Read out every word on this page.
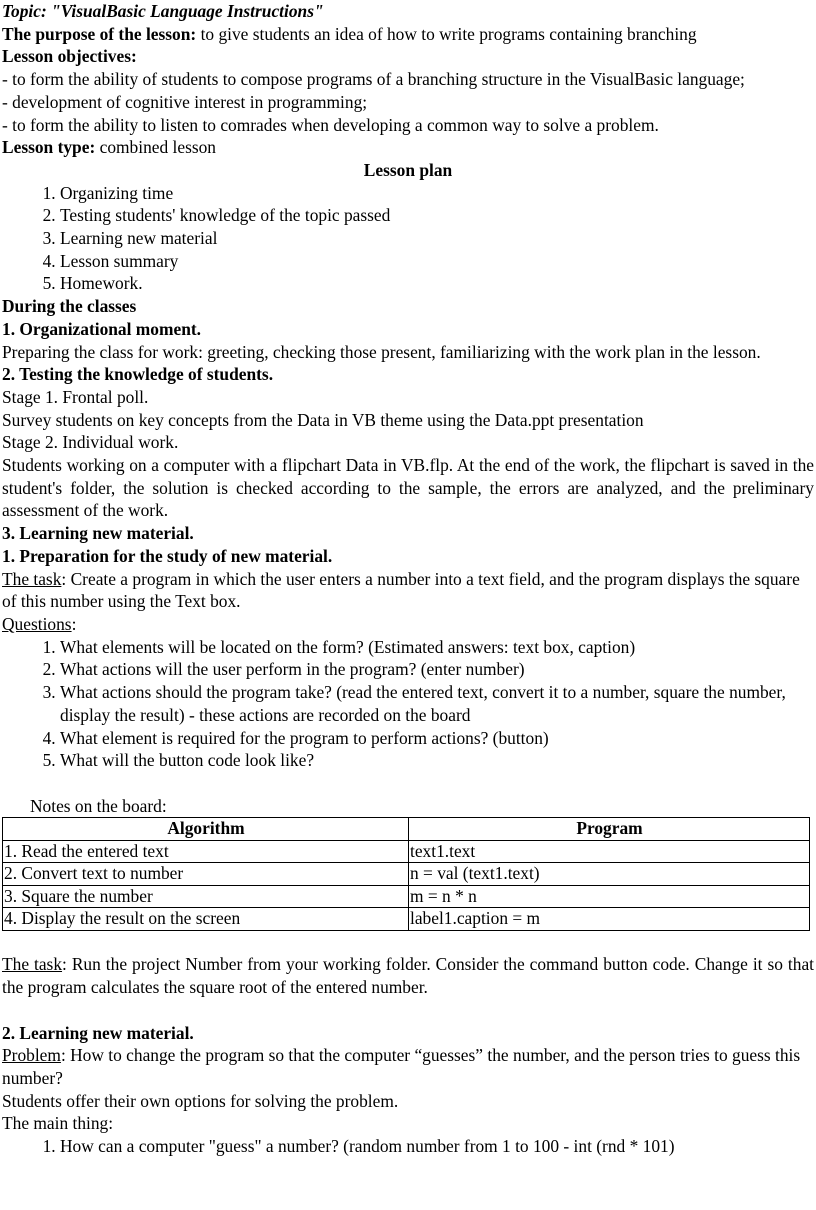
Topic: "VisualBasic Language Instructions"

The purpose of the lesson: to give students an idea of how to write programs containing branching

Lesson objectives:

- to form the ability of students to compose programs of a branching structure in the VisualBasic language;

- development of cognitive interest in programming;

- to form the ability to listen to comrades when developing a common way to solve a problem.

Lesson type: combined lesson

Lesson plan

1. Organizing time
2. Testing students' knowledge of the topic passed
3. Learning new material
4. Lesson summary
5. Homework.

During the classes

1. Organizational moment.

Preparing the class for work: greeting, checking those present, familiarizing with the work plan in the lesson.

2. Testing the knowledge of students.

Stage 1. Frontal poll.

Survey students on key concepts from the Data in VB theme using the Data.ppt presentation

Stage 2. Individual work.

Students working on a computer with a flipchart Data in VB.flp. At the end of the work, the flipchart is saved in the student's folder, the solution is checked according to the sample, the errors are analyzed, and the preliminary assessment of the work.

3. Learning new material.

1. Preparation for the study of new material.

The task: Create a program in which the user enters a number into a text field, and the program displays the square of this number using the Text box.

Questions:

1. What elements will be located on the form? (Estimated answers: text box, caption)
2. What actions will the user perform in the program? (enter number)
3. What actions should the program take? (read the entered text, convert it to a number, square the number, display the result) - these actions are recorded on the board
4. What element is required for the program to perform actions? (button)
5. What will the button code look like?

Notes on the board:

Algorithm	Program
1. Read the entered text	text1.text
2. Convert text to number	n = val (text1.text)
3. Square the number	m = n * n
4. Display the result on the screen	label1.caption = m

The task: Run the project Number from your working folder. Consider the command button code. Change it so that the program calculates the square root of the entered number.

2. Learning new material.

Problem: How to change the program so that the computer “guesses” the number, and the person tries to guess this number?

Students offer their own options for solving the problem.

The main thing:

1. How can a computer "guess" a number? (random number from 1 to 100 - int (rnd * 101)
